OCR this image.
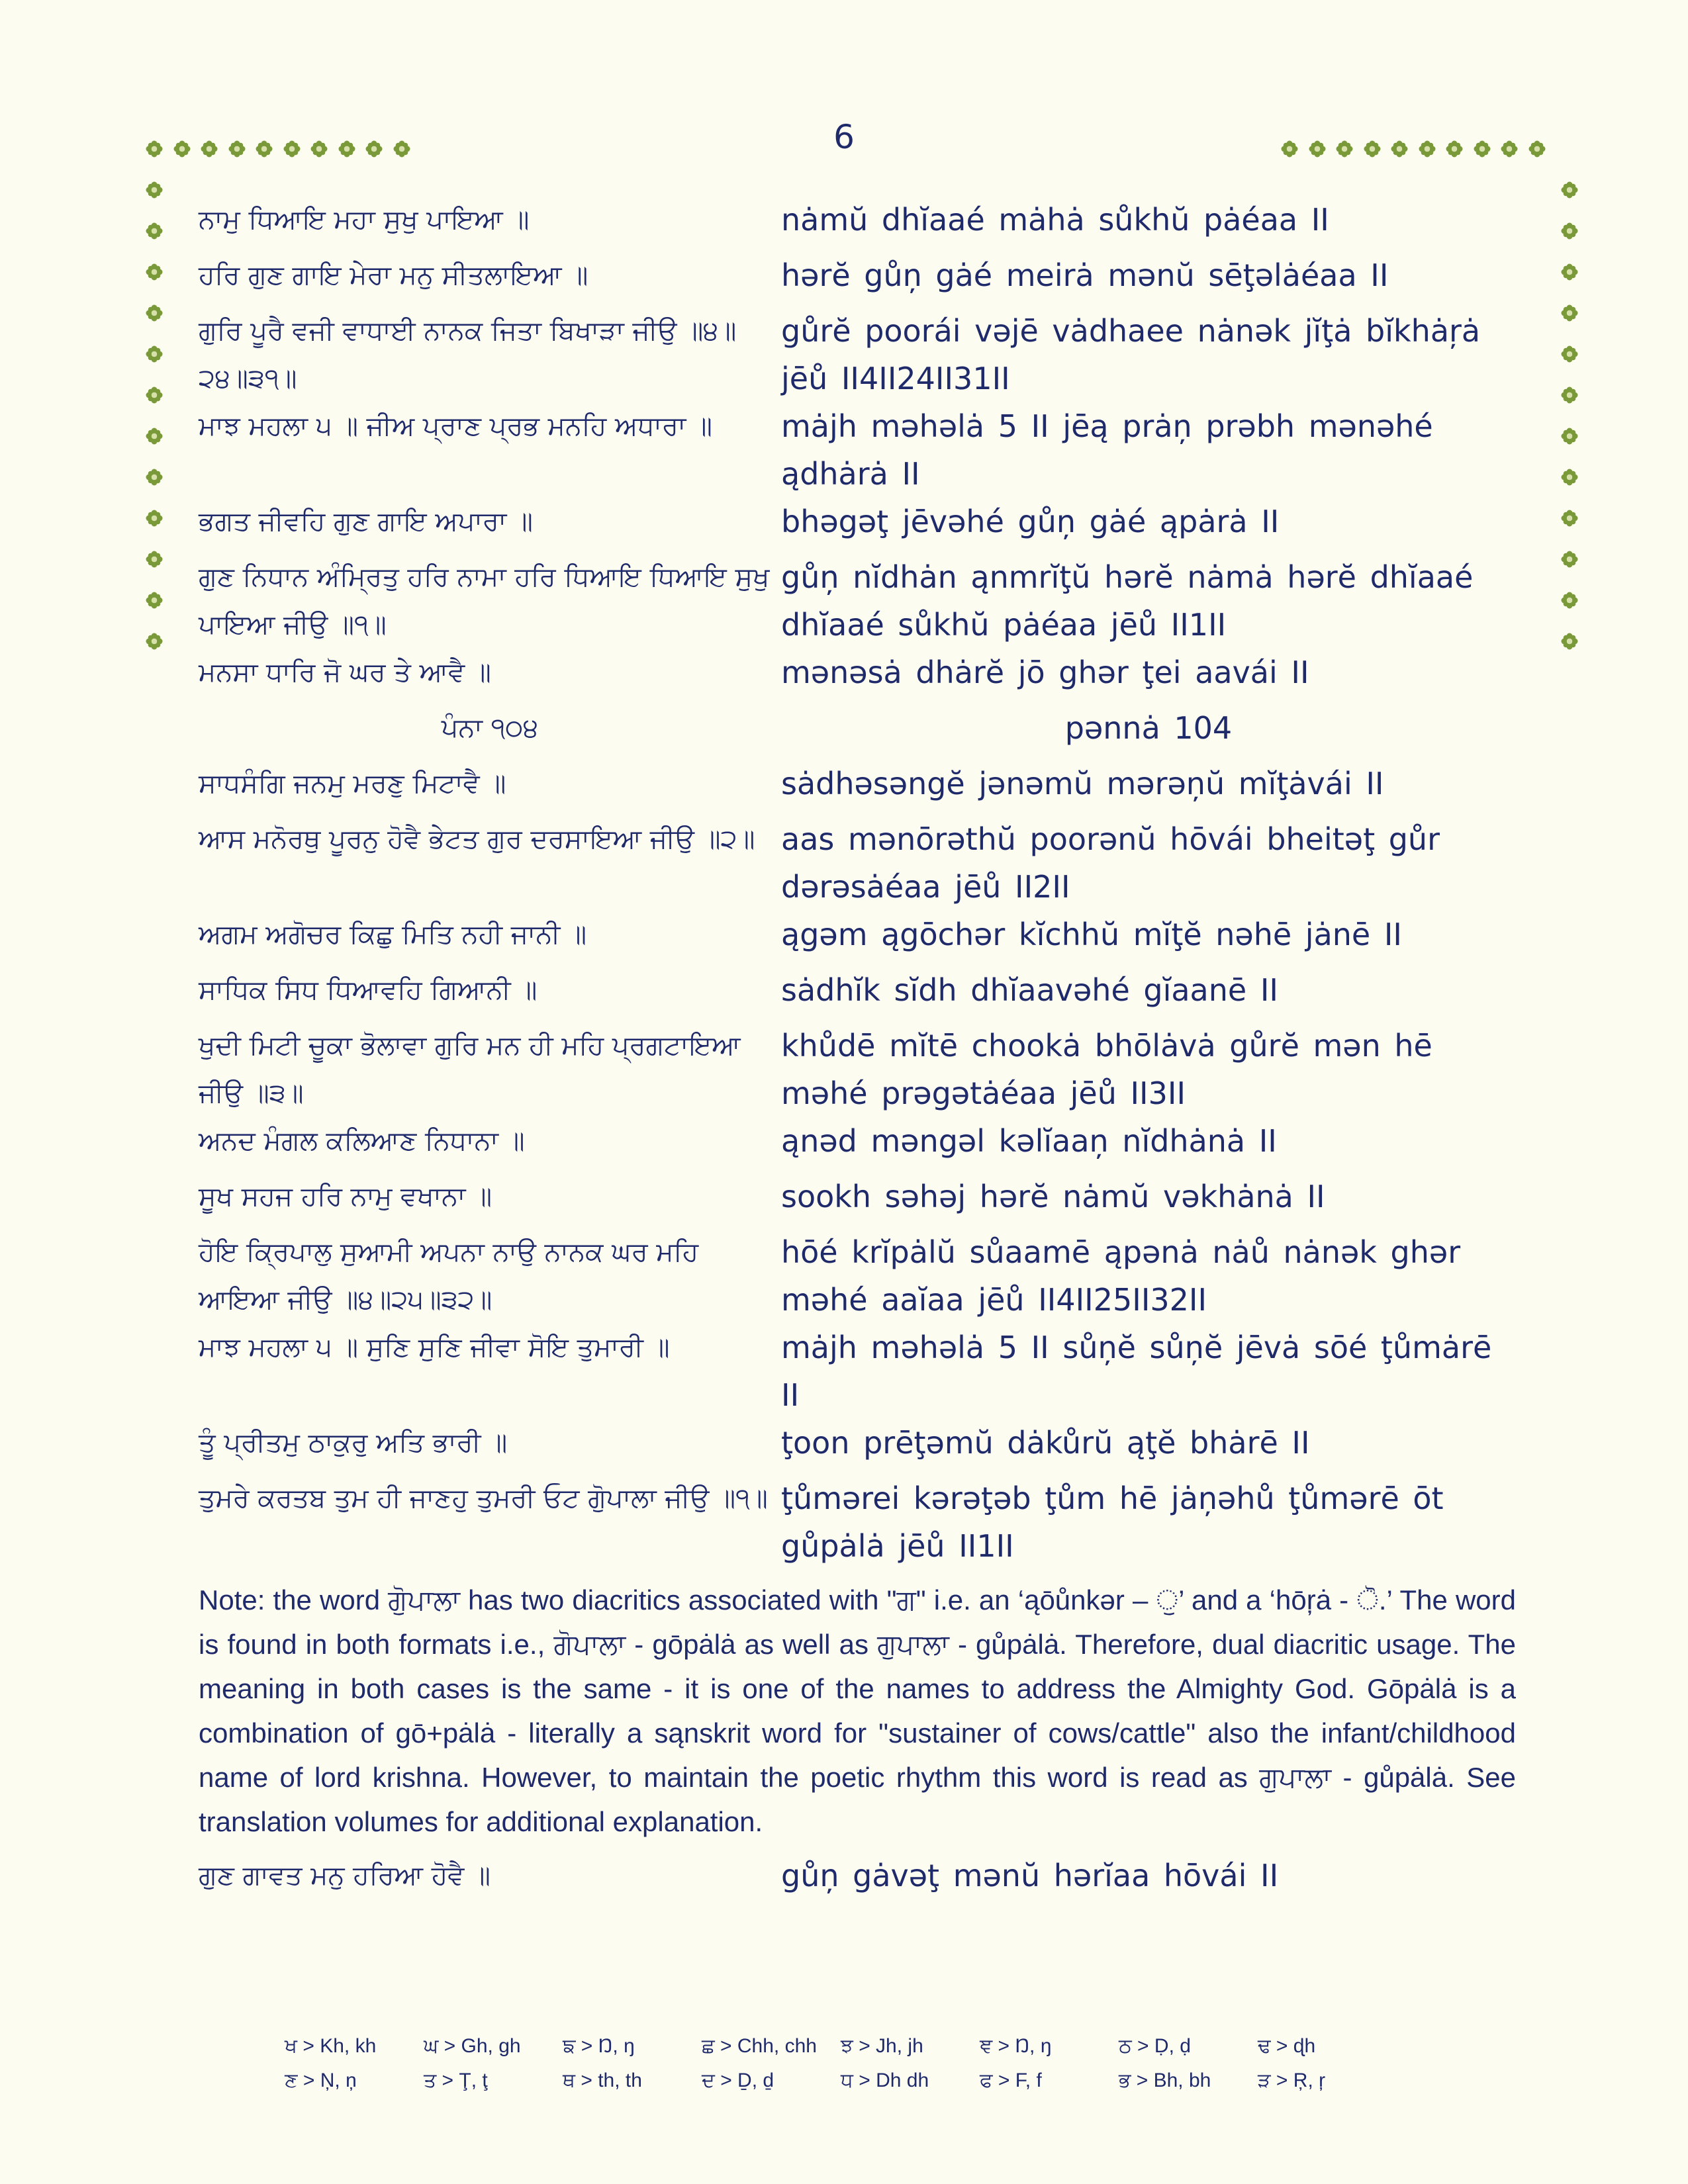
6
ਨਾਮੁ ਧਿਆਇ ਮਹਾ ਸੁਖੁ ਪਾਇਆ ॥	nȧmŭ dhĭaaé mȧhȧ sůkhŭ pȧéaa II
ਹਰਿ ਗੁਣ ਗਾਇ ਮੇਰਾ ਮਨੁ ਸੀਤਲਾਇਆ ॥	hərĕ gůņ gȧé meirȧ mənŭ sēţəlȧéaa II
ਗੁਰਿ ਪੂਰੈ ਵਜੀ ਵਾਧਾਈ ਨਾਨਕ ਜਿਤਾ ਬਿਖਾੜਾ ਜੀਉ ॥੪॥੨੪॥੩੧॥
gůrĕ poorái vəjē vȧdhaee nȧnək jĭţȧ bĭkhȧŗȧ jēů II4II24II31II
ਮਾਝ ਮਹਲਾ ੫ ॥ ਜੀਅ ਪ੍ਰਾਣ ਪ੍ਰਭ ਮਨਹਿ ਅਧਾਰਾ ॥	mȧjh məhəlȧ 5 II jēą prȧņ prəbh mənəhé ądhȧrȧ II
ਭਗਤ ਜੀਵਹਿ ਗੁਣ ਗਾਇ ਅਪਾਰਾ ॥	bhəgəţ jēvəhé gůņ gȧé ąpȧrȧ II
ਗੁਣ ਨਿਧਾਨ ਅੰਮ੍ਰਿਤੁ ਹਰਿ ਨਾਮਾ ਹਰਿ ਧਿਆਇ ਧਿਆਇ ਸੁਖੁ ਪਾਇਆ ਜੀਉ ॥੧॥
gůņ nĭdhȧn ąnmrĭţŭ hərĕ nȧmȧ hərĕ dhĭaaé dhĭaaé sůkhŭ pȧéaa jēů II1II
ਮਨਸਾ ਧਾਰਿ ਜੋ ਘਰ ਤੇ ਆਵੈ ॥	mənəsȧ dhȧrĕ jō ghər ţei aavái II
ਪੰਨਾ ੧੦੪	pənnȧ 104
ਸਾਧਸੰਗਿ ਜਨਮੁ ਮਰਣੁ ਮਿਟਾਵੈ ॥	sȧdhəsəngĕ jənəmŭ mərəņŭ mĭţȧvái II
ਆਸ ਮਨੋਰਥੁ ਪੂਰਨੁ ਹੋਵੈ ਭੇਟਤ ਗੁਰ ਦਰਸਾਇਆ ਜੀਉ ॥੨॥ aas mənōrəthŭ poorənŭ hōvái bheitəţ gůr dərəsȧéaa jēů II2II
ਅਗਮ ਅਗੋਚਰ ਕਿਛੁ ਮਿਤਿ ਨਹੀ ਜਾਨੀ ॥	ągəm ągōchər kĭchhŭ mĭţĕ nəhē jȧnē II
ਸਾਧਿਕ ਸਿਧ ਧਿਆਵਹਿ ਗਿਆਨੀ ॥	sȧdhĭk sĭdh dhĭaavəhé gĭaanē II
ਖੁਦੀ ਮਿਟੀ ਚੂਕਾ ਭੋਲਾਵਾ ਗੁਰਿ ਮਨ ਹੀ ਮਹਿ ਪ੍ਰਗਟਾਇਆ ਜੀਉ ॥੩॥
khůdē mĭtē chookȧ bhōlȧvȧ gůrĕ mən hē məhé prəgətȧéaa jēů II3II
ਅਨਦ ਮੰਗਲ ਕਲਿਆਣ ਨਿਧਾਨਾ ॥	ąnəd məngəl kəlĭaaņ nĭdhȧnȧ II
ਸੂਖ ਸਹਜ ਹਰਿ ਨਾਮੁ ਵਖਾਨਾ ॥	sookh səhəj hərĕ nȧmŭ vəkhȧnȧ II
ਹੋਇ ਕ੍ਰਿਪਾਲੁ ਸੁਆਮੀ ਅਪਨਾ ਨਾਉ ਨਾਨਕ ਘਰ ਮਹਿ ਆਇਆ ਜੀਉ ॥੪॥੨੫॥੩੨॥
hōé krĭpȧlŭ sůaamē ąpənȧ nȧů nȧnək ghər məhé aaĭaa jēů II4II25II32II
ਮਾਝ ਮਹਲਾ ੫ ॥ ਸੁਣਿ ਸੁਣਿ ਜੀਵਾ ਸੋਇ ਤੁਮਾਰੀ ॥	mȧjh məhəlȧ 5 II sůņĕ sůņĕ jēvȧ sōé ţůmȧrē II
ਤੂੰ ਪ੍ਰੀਤਮੁ ਠਾਕੁਰੁ ਅਤਿ ਭਾਰੀ ॥	ţoon prēţəmŭ dȧkůrŭ ąţĕ bhȧrē II
ਤੁਮਰੇ ਕਰਤਬ ਤੁਮ ਹੀ ਜਾਣਹੁ ਤੁਮਰੀ ਓਟ ਗੁੋਪਾਲਾ ਜੀਉ ॥੧॥ ţůmərei kərəţəb ţům hē jȧņəhů ţůmərē ōt gůpȧlȧ jēů II1II
Note: the word ਗੁੋਪਾਲਾ has two diacritics associated with "ਗ" i.e. an ‘ąōůnkər – ੁ’ and a ‘hōŗȧ - ੋ.’ The word is found in both formats i.e., ਗੋਪਾਲਾ - gōpȧlȧ as well as ਗੁਪਾਲਾ - gůpȧlȧ. Therefore, dual diacritic usage. The meaning in both cases is the same - it is one of the names to address the Almighty God. Gōpȧlȧ is a combination of gō+pȧlȧ - literally a sąnskrit word for "sustainer of cows/cattle" also the infant/childhood name of lord krishna. However, to maintain the poetic rhythm this word is read as ਗੁਪਾਲਾ - gůpȧlȧ. See translation volumes for additional explanation.
ਗੁਣ ਗਾਵਤ ਮਨੁ ਹਰਿਆ ਹੋਵੈ ॥	gůņ gȧvəţ mənŭ hərĭaa hōvái II
ਖ > Kh, kh	ਘ > Gh, gh	ਙ > Ŋ, ŋ	ਛ > Chh, chh	ਝ > Jh, jh	ਞ > Ŋ, ŋ	ਠ > Ḍ, ḍ	ਢ > ɖh
ਣ > Ņ, ņ	ਤ > Ţ, ţ	ਥ > th, th	ਦ > Ḏ, ḏ	ਧ > Dh dh	ਫ > F, f	ਭ > Bh, bh	ੜ > Ŗ, ŗ
